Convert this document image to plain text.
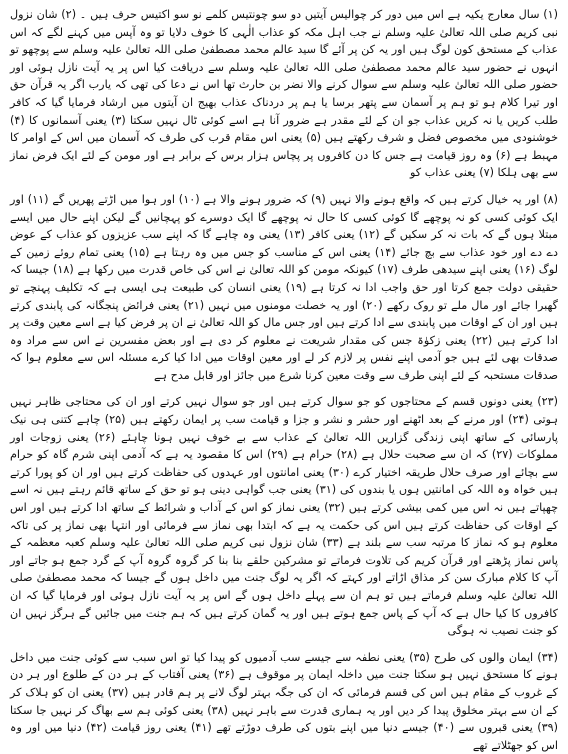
(۱) سال معارج یکیہ ہے اس میں دور کر چوالیس آیتیں دو سو چونتیس کلمے نو سو اکتیس حرف ہیں ۔ (۲) شان نزول نبی کریم صلی اللہ تعالیٰ علیہ وسلم نے جب اہل مکہ کو عذاب الٰہی کا خوف دلایا تو وہ آپس میں کہنے لگے کہ اس عذاب کے مستحق کون لوگ ہیں اور یہ کن پر آئے گا سید عالم محمد مصطفیٰ صلی اللہ تعالیٰ علیہ وسلم سے پوچھو تو انہوں نے حضور سید عالم محمد مصطفیٰ صلی اللہ تعالیٰ علیہ وسلم سے دریافت کیا اس پر یہ آیت نازل ہوئی اور حضور صلی اللہ تعالیٰ علیہ وسلم سے سوال کرنے والا نضر بن حارث تھا اس نے دعا کی تھی کہ یارب اگر یہ قرآن حق اور تیرا کلام ہو تو ہم پر آسمان سے پتھر برسا یا ہم پر دردناک عذاب بھیج ان آیتوں میں ارشاد فرمایا گیا کہ کافر طلب کریں یا نہ کریں عذاب جو ان کے لئے مقدر ہے ضرور آنا ہے اسے کوئی ٹال نہیں سکتا (۳) یعنی آسمانوں کا (۴) خوشنودی میں مخصوص فضل و شرف رکھتے ہیں (۵) یعنی اس مقام قرب کی طرف کہ آسمان میں اس کے اوامر کا مہبط ہے (۶) وہ روز قیامت ہے جس کا دن کافروں پر پچاس ہزار برس کے برابر ہے اور مومن کے لئے ایک فرض نماز سے بھی ہلکا (۷) یعنی عذاب کو

(۸) اور یہ خیال کرتے ہیں کہ واقع ہونے والا نہیں (۹) کہ ضرور ہونے والا ہے (۱۰) اور ہوا میں اڑتے پھریں گے (۱۱) اور ایک کوئی کسی کو نہ پوچھے گا کوئی کسی کا حال نہ پوچھے گا ایک دوسرے کو پہچانیں گے لیکن اپنے حال میں ایسے مبتلا ہوں گے کہ بات نہ کر سکیں گے (۱۲) یعنی کافر (۱۳) یعنی وہ چاہے گا کہ اپنے سب عزیزوں کو عذاب کے عوض دے دے اور خود عذاب سے بچ جائے (۱۴) یعنی اس کے مناسب کو جس میں وہ رہتا ہے (۱۵) یعنی تمام روئے زمین کے لوگ (۱۶) یعنی اپنے سیدھی طرف (۱۷) کیونکہ مومن کو اللہ تعالیٰ نے اس کی خاص قدرت میں رکھا ہے (۱۸) جیسا کہ حقیقی دولت جمع کرتا اور حق واجب ادا نہ کرتا ہے (۱۹) یعنی انسان کی طبیعت ہی ایسی ہے کہ تکلیف پہنچے تو گھبرا جائے اور مال ملے تو روک رکھے (۲۰) اور یہ خصلت مومنوں میں نہیں (۲۱) یعنی فرائض پنجگانہ کی پابندی کرتے ہیں اور ان کے اوقات میں پابندی سے ادا کرتے ہیں اور جس مال کو اللہ تعالیٰ نے ان پر فرض کیا ہے اسے معین وقت پر ادا کرتے ہیں (۲۲) یعنی زکوٰۃ جس کی مقدار شریعت نے معلوم کر دی ہے اور بعض مفسرین نے اس سے مراد وہ صدقات بھی لئے ہیں جو آدمی اپنے نفس پر لازم کر لے اور معین اوقات میں ادا کیا کرے مسئلہ اس سے معلوم ہوا کہ صدقات مستحبہ کے لئے اپنی طرف سے وقت معین کرنا شرع میں جائز اور قابل مدح ہے

(۲۳) یعنی دونوں قسم کے محتاجوں کو جو سوال کرتے ہیں اور جو سوال نہیں کرتے اور ان کی محتاجی ظاہر نہیں ہوتی (۲۴) اور مرنے کے بعد اٹھنے اور حشر و نشر و جزا و قیامت سب پر ایمان رکھتے ہیں (۲۵) چاہے کتنی ہی نیک پارسائی کے ساتھ اپنی زندگی گزاریں اللہ تعالیٰ کے عذاب سے بے خوف نہیں ہونا چاہئے (۲۶) یعنی زوجات اور مملوکات (۲۷) کہ ان سے صحبت حلال ہے (۲۸) حرام ہے (۲۹) اس کا مقصود یہ ہے کہ آدمی اپنی شرم گاہ کو حرام سے بچائے اور صرف حلال طریقہ اختیار کرے (۳۰) یعنی امانتوں اور عہدوں کی حفاظت کرتے ہیں اور ان کو پورا کرتے ہیں خواہ وہ اللہ کی امانتیں ہوں یا بندوں کی (۳۱) یعنی جب گواہی دینی ہو تو حق کے ساتھ قائم رہتے ہیں نہ اسے چھپاتے ہیں نہ اس میں کمی بیشی کرتے ہیں (۳۲) یعنی نماز کو اس کے آداب و شرائط کے ساتھ ادا کرتے ہیں اور اس کے اوقات کی حفاظت کرتے ہیں اس کی حکمت یہ ہے کہ ابتدا بھی نماز سے فرمائی اور انتہا بھی نماز پر کی تاکہ معلوم ہو کہ نماز کا مرتبہ سب سے بلند ہے (۳۳) شان نزول نبی کریم صلی اللہ تعالیٰ علیہ وسلم کعبہ معظمہ کے پاس نماز پڑھتے اور قرآن کریم کی تلاوت فرماتے تو مشرکین حلقے بنا بنا کر گروہ گروہ آپ کے گرد جمع ہو جاتے اور آپ کا کلام مبارک سن کر مذاق اڑاتے اور کہتے کہ اگر یہ لوگ جنت میں داخل ہوں گے جیسا کہ محمد مصطفیٰ صلی اللہ تعالیٰ علیہ وسلم فرماتے ہیں تو ہم ان سے پہلے داخل ہوں گے اس پر یہ آیت نازل ہوئی اور فرمایا گیا کہ ان کافروں کا کیا حال ہے کہ آپ کے پاس جمع ہوتے ہیں اور یہ گمان کرتے ہیں کہ ہم جنت میں جائیں گے ہرگز نہیں ان کو جنت نصیب نہ ہوگی

(۳۴) ایمان والوں کی طرح (۳۵) یعنی نطفہ سے جیسے سب آدمیوں کو پیدا کیا تو اس سبب سے کوئی جنت میں داخل ہونے کا مستحق نہیں ہو سکتا جنت میں داخلہ ایمان پر موقوف ہے (۳۶) یعنی آفتاب کے ہر دن کے طلوع اور ہر دن کے غروب کے مقام ہیں اس کی قسم فرمائی کہ ان کی جگہ بہتر لوگ لانے پر ہم قادر ہیں (۳۷) یعنی ان کو ہلاک کر کے ان سے بہتر مخلوق پیدا کر دیں اور یہ ہماری قدرت سے باہر نہیں (۳۸) یعنی کوئی ہم سے بھاگ کر نہیں جا سکتا (۳۹) یعنی قبروں سے (۴۰) جیسے دنیا میں اپنے بتوں کی طرف دوڑتے تھے (۴۱) یعنی روز قیامت (۴۲) دنیا میں اور وہ اس کو جھٹلاتے تھے
